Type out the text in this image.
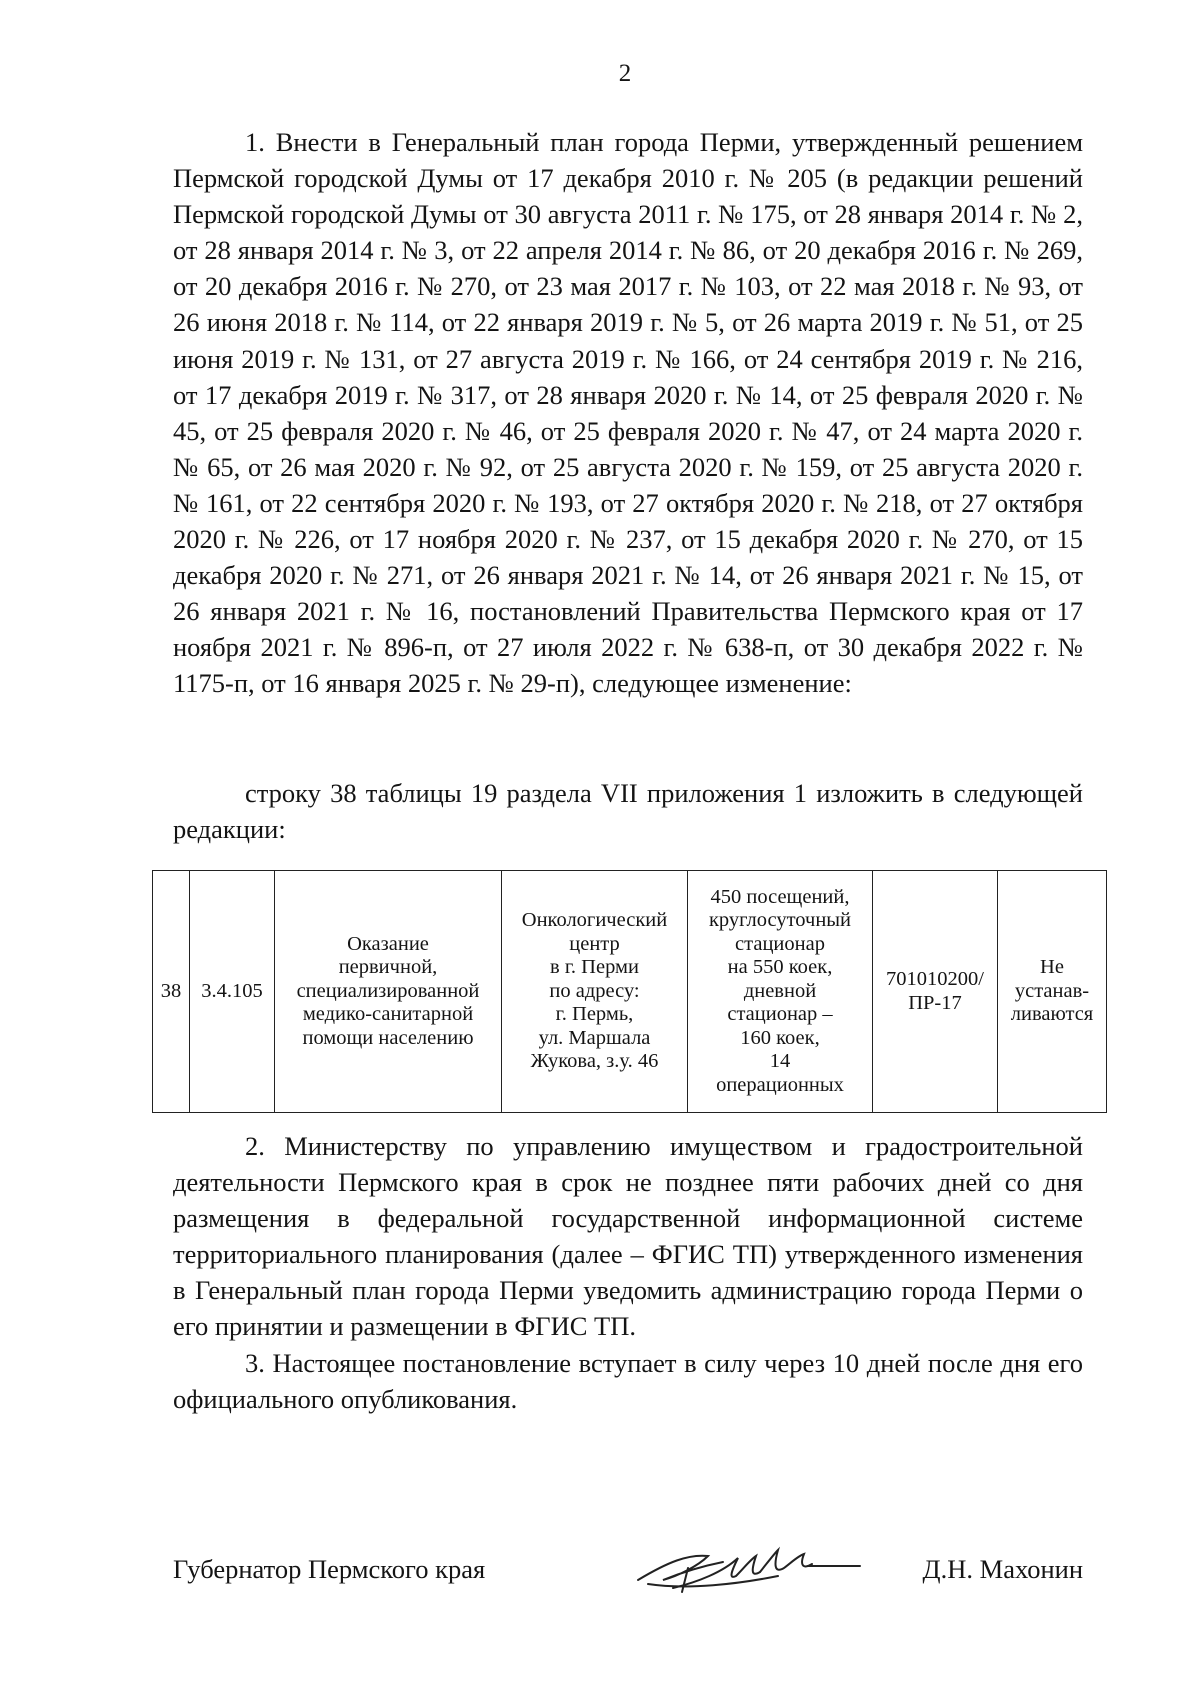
2

1. Внести в Генеральный план города Перми, утвержденный решением Пермской городской Думы от 17 декабря 2010 г. № 205 (в редакции решений Пермской городской Думы от 30 августа 2011 г. № 175, от 28 января 2014 г. № 2, от 28 января 2014 г. № 3, от 22 апреля 2014 г. № 86, от 20 декабря 2016 г. № 269, от 20 декабря 2016 г. № 270, от 23 мая 2017 г. № 103, от 22 мая 2018 г. № 93, от 26 июня 2018 г. № 114, от 22 января 2019 г. № 5, от 26 марта 2019 г. № 51, от 25 июня 2019 г. № 131, от 27 августа 2019 г. № 166, от 24 сентября 2019 г. № 216, от 17 декабря 2019 г. № 317, от 28 января 2020 г. № 14, от 25 февраля 2020 г. № 45, от 25 февраля 2020 г. № 46, от 25 февраля 2020 г. № 47, от 24 марта 2020 г. № 65, от 26 мая 2020 г. № 92, от 25 августа 2020 г. № 159, от 25 августа 2020 г. № 161, от 22 сентября 2020 г. № 193, от 27 октября 2020 г. № 218, от 27 октября 2020 г. № 226, от 17 ноября 2020 г. № 237, от 15 декабря 2020 г. № 270, от 15 декабря 2020 г. № 271, от 26 января 2021 г. № 14, от 26 января 2021 г. № 15, от 26 января 2021 г. № 16, постановлений Правительства Пермского края от 17 ноября 2021 г. № 896-п, от 27 июля 2022 г. № 638-п, от 30 декабря 2022 г. № 1175-п, от 16 января 2025 г. № 29-п), следующее изменение:

строку 38 таблицы 19 раздела VII приложения 1 изложить в следующей редакции:

38	3.4.105	Оказание
первичной,
специализированной
медико-санитарной
помощи населению	Онкологический
центр
в г. Перми
по адресу:
г. Пермь,
ул. Маршала
Жукова, з.у. 46	450 посещений,
круглосуточный
стационар
на 550 коек,
дневной
стационар –
160 коек,
14
операционных	701010200/
ПР-17	Не
устанав-
ливаются

2. Министерству по управлению имуществом и градостроительной деятельности Пермского края в срок не позднее пяти рабочих дней со дня размещения в федеральной государственной информационной системе территориального планирования (далее – ФГИС ТП) утвержденного изменения в Генеральный план города Перми уведомить администрацию города Перми о его принятии и размещении в ФГИС ТП.

3. Настоящее постановление вступает в силу через 10 дней после дня его официального опубликования.

Губернатор Пермского края	Д.Н. Махонин
